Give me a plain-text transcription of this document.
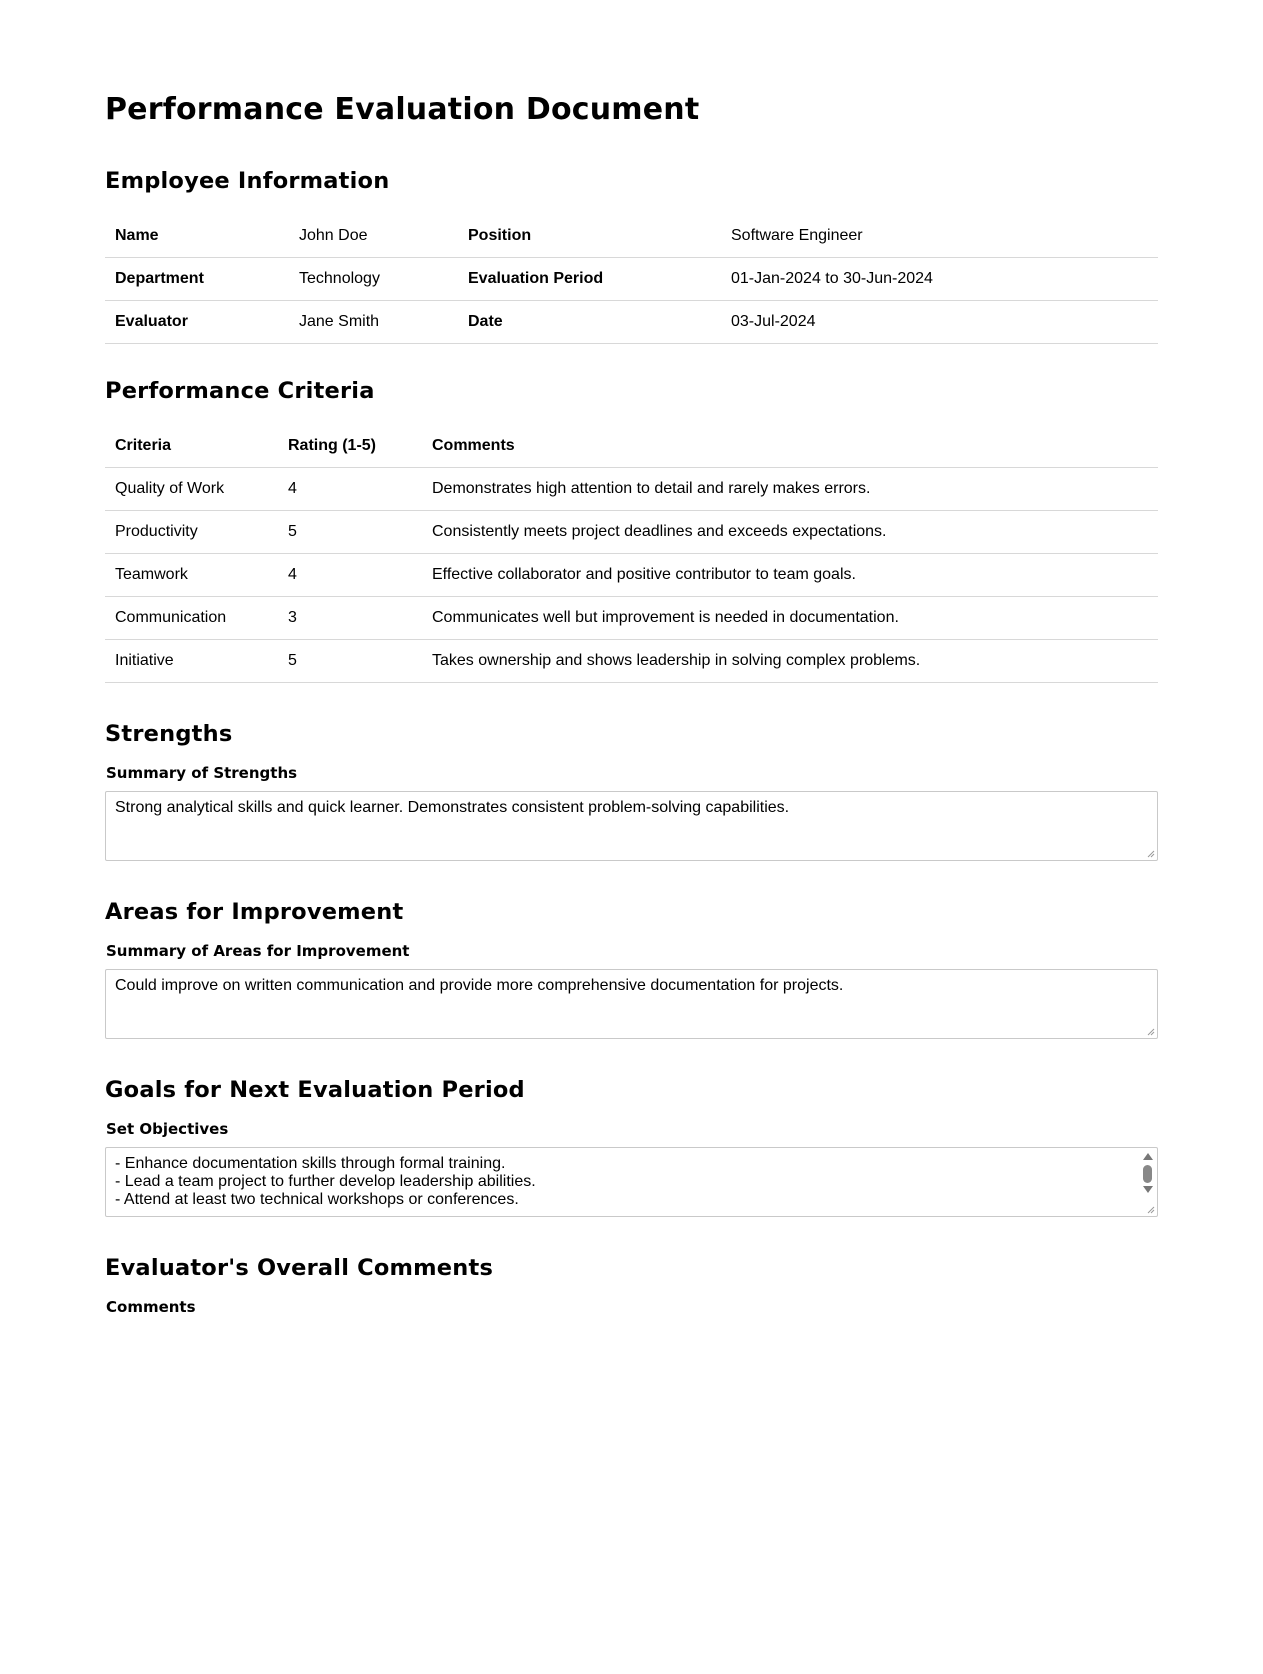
Performance Evaluation Document
Employee Information
Name	John Doe	Position	Software Engineer
Department	Technology	Evaluation Period	01-Jan-2024 to 30-Jun-2024
Evaluator	Jane Smith	Date	03-Jul-2024
Performance Criteria
Criteria	Rating (1-5)	Comments
Quality of Work	4	Demonstrates high attention to detail and rarely makes errors.
Productivity	5	Consistently meets project deadlines and exceeds expectations.
Teamwork	4	Effective collaborator and positive contributor to team goals.
Communication	3	Communicates well but improvement is needed in documentation.
Initiative	5	Takes ownership and shows leadership in solving complex problems.
Strengths
Summary of Strengths
Strong analytical skills and quick learner. Demonstrates consistent problem-solving capabilities.
Areas for Improvement
Summary of Areas for Improvement
Could improve on written communication and provide more comprehensive documentation for projects.
Goals for Next Evaluation Period
Set Objectives
- Enhance documentation skills through formal training.
- Lead a team project to further develop leadership abilities.
- Attend at least two technical workshops or conferences.
Evaluator's Overall Comments
Comments
